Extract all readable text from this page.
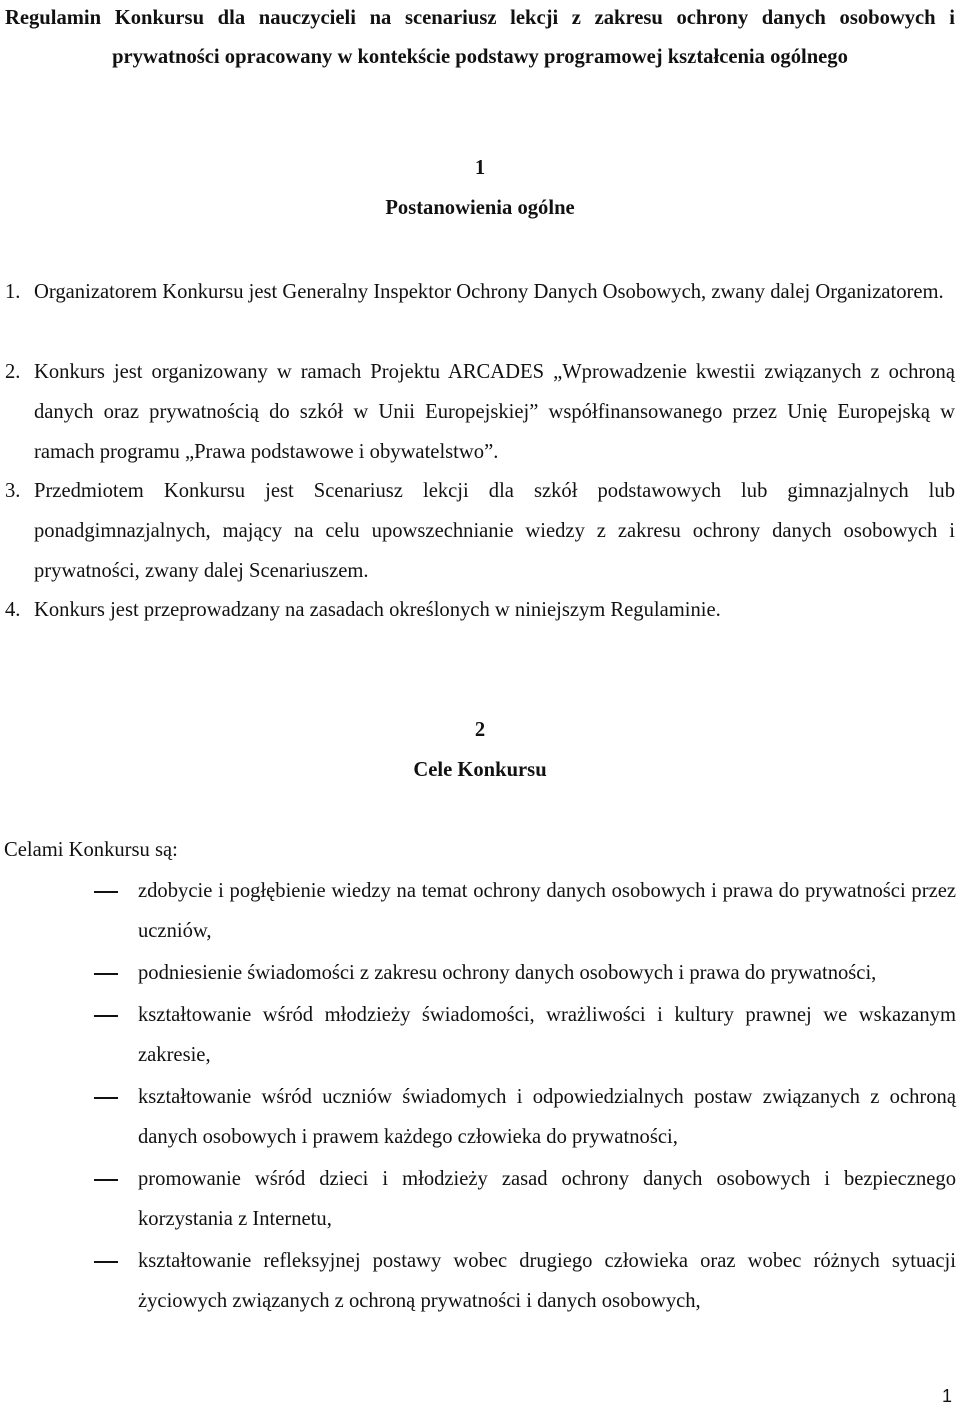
Regulamin Konkursu dla nauczycieli na scenariusz lekcji z zakresu ochrony danych osobowych i
prywatności opracowany w kontekście podstawy programowej kształcenia ogólnego
1
Postanowienia ogólne
1. Organizatorem Konkursu jest Generalny Inspektor Ochrony Danych Osobowych, zwany dalej Organizatorem.
2. Konkurs jest organizowany w ramach Projektu ARCADES „Wprowadzenie kwestii związanych z ochroną danych oraz prywatnością do szkół w Unii Europejskiej” współfinansowanego przez Unię Europejską w ramach programu „Prawa podstawowe i obywatelstwo”.
3. Przedmiotem Konkursu jest Scenariusz lekcji dla szkół podstawowych lub gimnazjalnych lub ponadgimnazjalnych, mający na celu upowszechnianie wiedzy z zakresu ochrony danych osobowych i prywatności, zwany dalej Scenariuszem.
4. Konkurs jest przeprowadzany na zasadach określonych w niniejszym Regulaminie.
2
Cele Konkursu
Celami Konkursu są:
zdobycie i pogłębienie wiedzy na temat ochrony danych osobowych i prawa do prywatności przez uczniów,
podniesienie świadomości z zakresu ochrony danych osobowych i prawa do prywatności,
kształtowanie wśród młodzieży świadomości, wrażliwości i kultury prawnej we wskazanym zakresie,
kształtowanie wśród uczniów świadomych i odpowiedzialnych postaw związanych z ochroną danych osobowych i prawem każdego człowieka do prywatności,
promowanie wśród dzieci i młodzieży zasad ochrony danych osobowych i bezpiecznego korzystania z Internetu,
kształtowanie refleksyjnej postawy wobec drugiego człowieka oraz wobec różnych sytuacji życiowych związanych z ochroną prywatności i danych osobowych,
1
